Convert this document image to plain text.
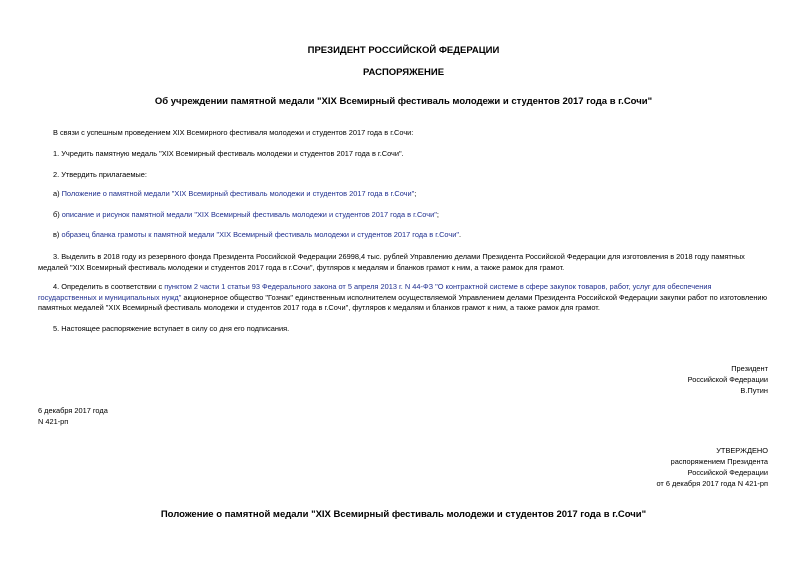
ПРЕЗИДЕНТ РОССИЙСКОЙ ФЕДЕРАЦИИ

РАСПОРЯЖЕНИЕ

Об учреждении памятной медали "XIX Всемирный фестиваль молодежи и студентов 2017 года в г.Сочи"

В связи с успешным проведением XIX Всемирного фестиваля молодежи и студентов 2017 года в г.Сочи:

1. Учредить памятную медаль "XIX Всемирный фестиваль молодежи и студентов 2017 года в г.Сочи".

2. Утвердить прилагаемые:

а) Положение о памятной медали "XIX Всемирный фестиваль молодежи и студентов 2017 года в г.Сочи";

б) описание и рисунок памятной медали "XIX Всемирный фестиваль молодежи и студентов 2017 года в г.Сочи";

в) образец бланка грамоты к памятной медали "XIX Всемирный фестиваль молодежи и студентов 2017 года в г.Сочи".

3. Выделить в 2018 году из резервного фонда Президента Российской Федерации 26998,4 тыс. рублей Управлению делами Президента Российской Федерации для изготовления в 2018 году памятных медалей "XIX Всемирный фестиваль молодежи и студентов 2017 года в г.Сочи", футляров к медалям и бланков грамот к ним, а также рамок для грамот.

4. Определить в соответствии с пунктом 2 части 1 статьи 93 Федерального закона от 5 апреля 2013 г. N 44-ФЗ "О контрактной системе в сфере закупок товаров, работ, услуг для обеспечения государственных и муниципальных нужд" акционерное общество "Гознак" единственным исполнителем осуществляемой Управлением делами Президента Российской Федерации закупки работ по изготовлению памятных медалей "XIX Всемирный фестиваль молодежи и студентов 2017 года в г.Сочи", футляров к медалям и бланков грамот к ним, а также рамок для грамот.

5. Настоящее распоряжение вступает в силу со дня его подписания.

Президент

Российской Федерации

В.Путин

6 декабря 2017 года

N 421-рп

УТВЕРЖДЕНО

распоряжением Президента

Российской Федерации

от 6 декабря 2017 года N 421-рп

Положение о памятной медали "XIX Всемирный фестиваль молодежи и студентов 2017 года в г.Сочи"
